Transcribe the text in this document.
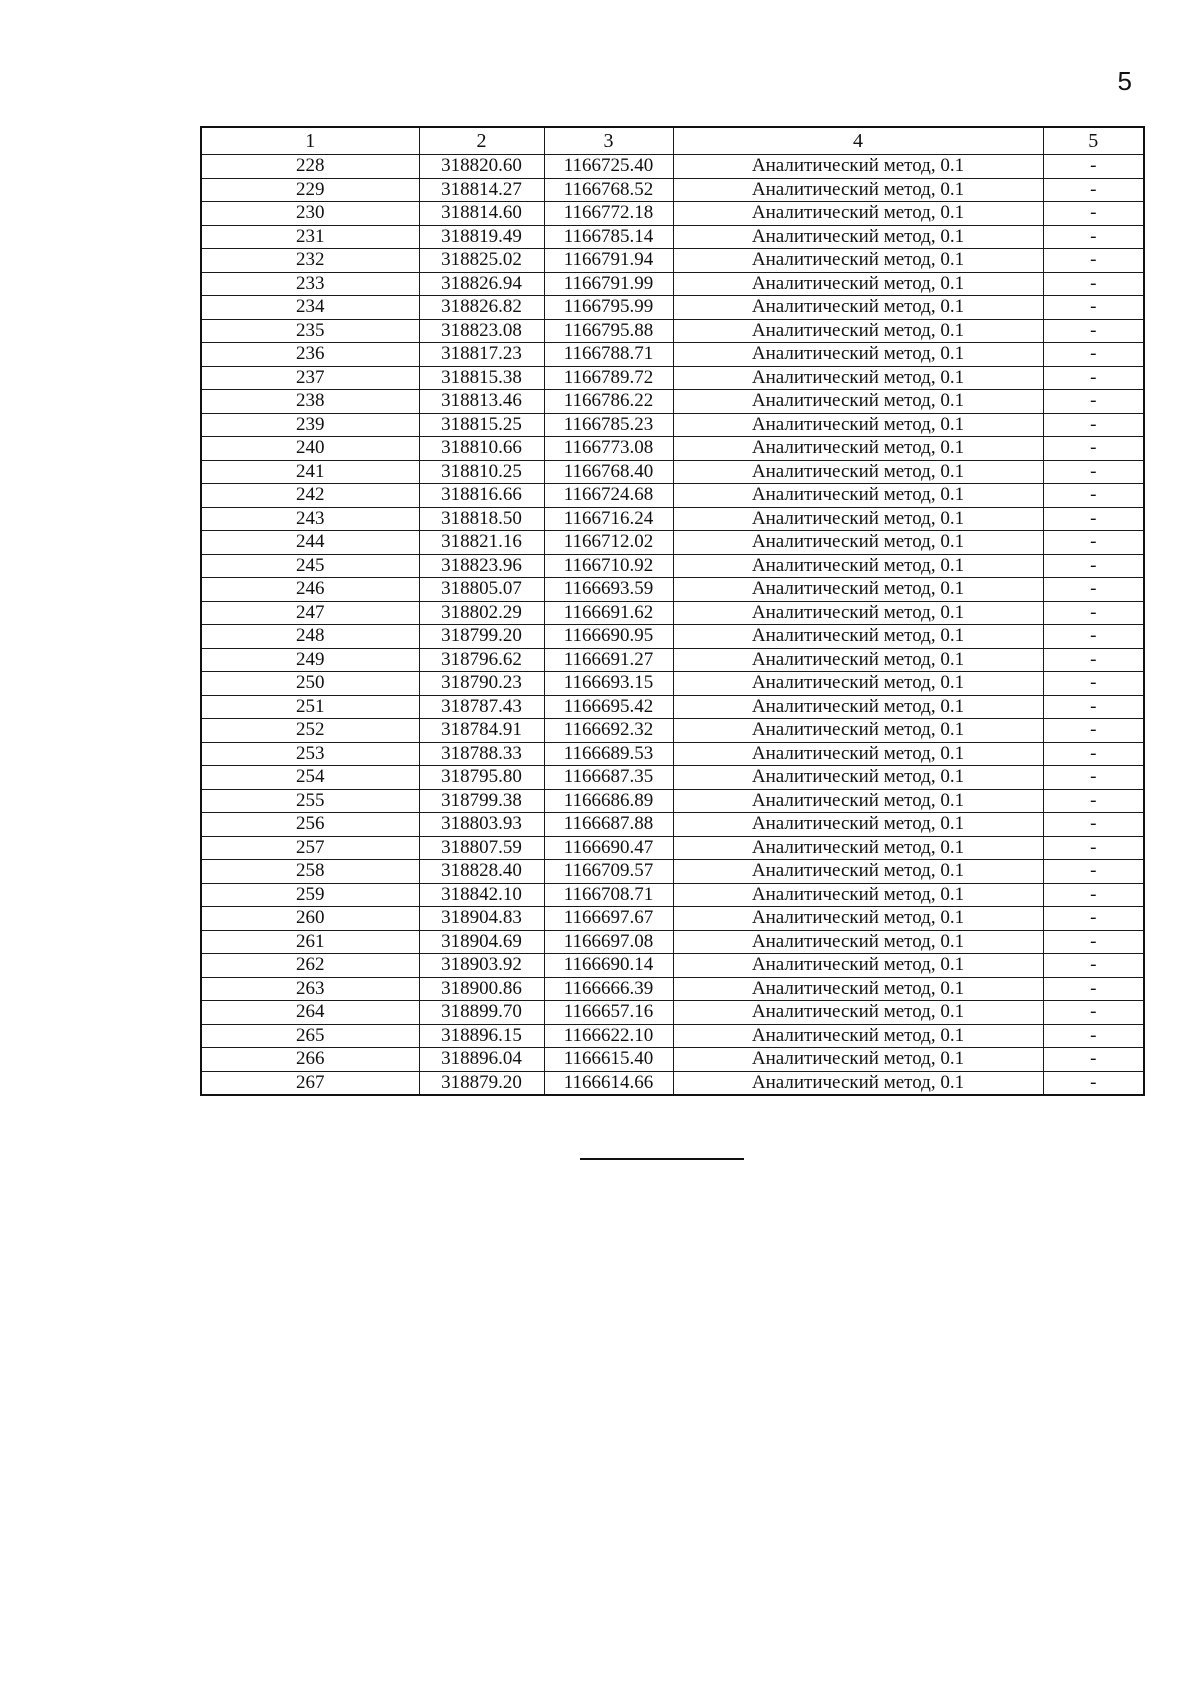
5
1	2	3	4	5
228	318820.60	1166725.40	Аналитический метод, 0.1	-
229	318814.27	1166768.52	Аналитический метод, 0.1	-
230	318814.60	1166772.18	Аналитический метод, 0.1	-
231	318819.49	1166785.14	Аналитический метод, 0.1	-
232	318825.02	1166791.94	Аналитический метод, 0.1	-
233	318826.94	1166791.99	Аналитический метод, 0.1	-
234	318826.82	1166795.99	Аналитический метод, 0.1	-
235	318823.08	1166795.88	Аналитический метод, 0.1	-
236	318817.23	1166788.71	Аналитический метод, 0.1	-
237	318815.38	1166789.72	Аналитический метод, 0.1	-
238	318813.46	1166786.22	Аналитический метод, 0.1	-
239	318815.25	1166785.23	Аналитический метод, 0.1	-
240	318810.66	1166773.08	Аналитический метод, 0.1	-
241	318810.25	1166768.40	Аналитический метод, 0.1	-
242	318816.66	1166724.68	Аналитический метод, 0.1	-
243	318818.50	1166716.24	Аналитический метод, 0.1	-
244	318821.16	1166712.02	Аналитический метод, 0.1	-
245	318823.96	1166710.92	Аналитический метод, 0.1	-
246	318805.07	1166693.59	Аналитический метод, 0.1	-
247	318802.29	1166691.62	Аналитический метод, 0.1	-
248	318799.20	1166690.95	Аналитический метод, 0.1	-
249	318796.62	1166691.27	Аналитический метод, 0.1	-
250	318790.23	1166693.15	Аналитический метод, 0.1	-
251	318787.43	1166695.42	Аналитический метод, 0.1	-
252	318784.91	1166692.32	Аналитический метод, 0.1	-
253	318788.33	1166689.53	Аналитический метод, 0.1	-
254	318795.80	1166687.35	Аналитический метод, 0.1	-
255	318799.38	1166686.89	Аналитический метод, 0.1	-
256	318803.93	1166687.88	Аналитический метод, 0.1	-
257	318807.59	1166690.47	Аналитический метод, 0.1	-
258	318828.40	1166709.57	Аналитический метод, 0.1	-
259	318842.10	1166708.71	Аналитический метод, 0.1	-
260	318904.83	1166697.67	Аналитический метод, 0.1	-
261	318904.69	1166697.08	Аналитический метод, 0.1	-
262	318903.92	1166690.14	Аналитический метод, 0.1	-
263	318900.86	1166666.39	Аналитический метод, 0.1	-
264	318899.70	1166657.16	Аналитический метод, 0.1	-
265	318896.15	1166622.10	Аналитический метод, 0.1	-
266	318896.04	1166615.40	Аналитический метод, 0.1	-
267	318879.20	1166614.66	Аналитический метод, 0.1	-
